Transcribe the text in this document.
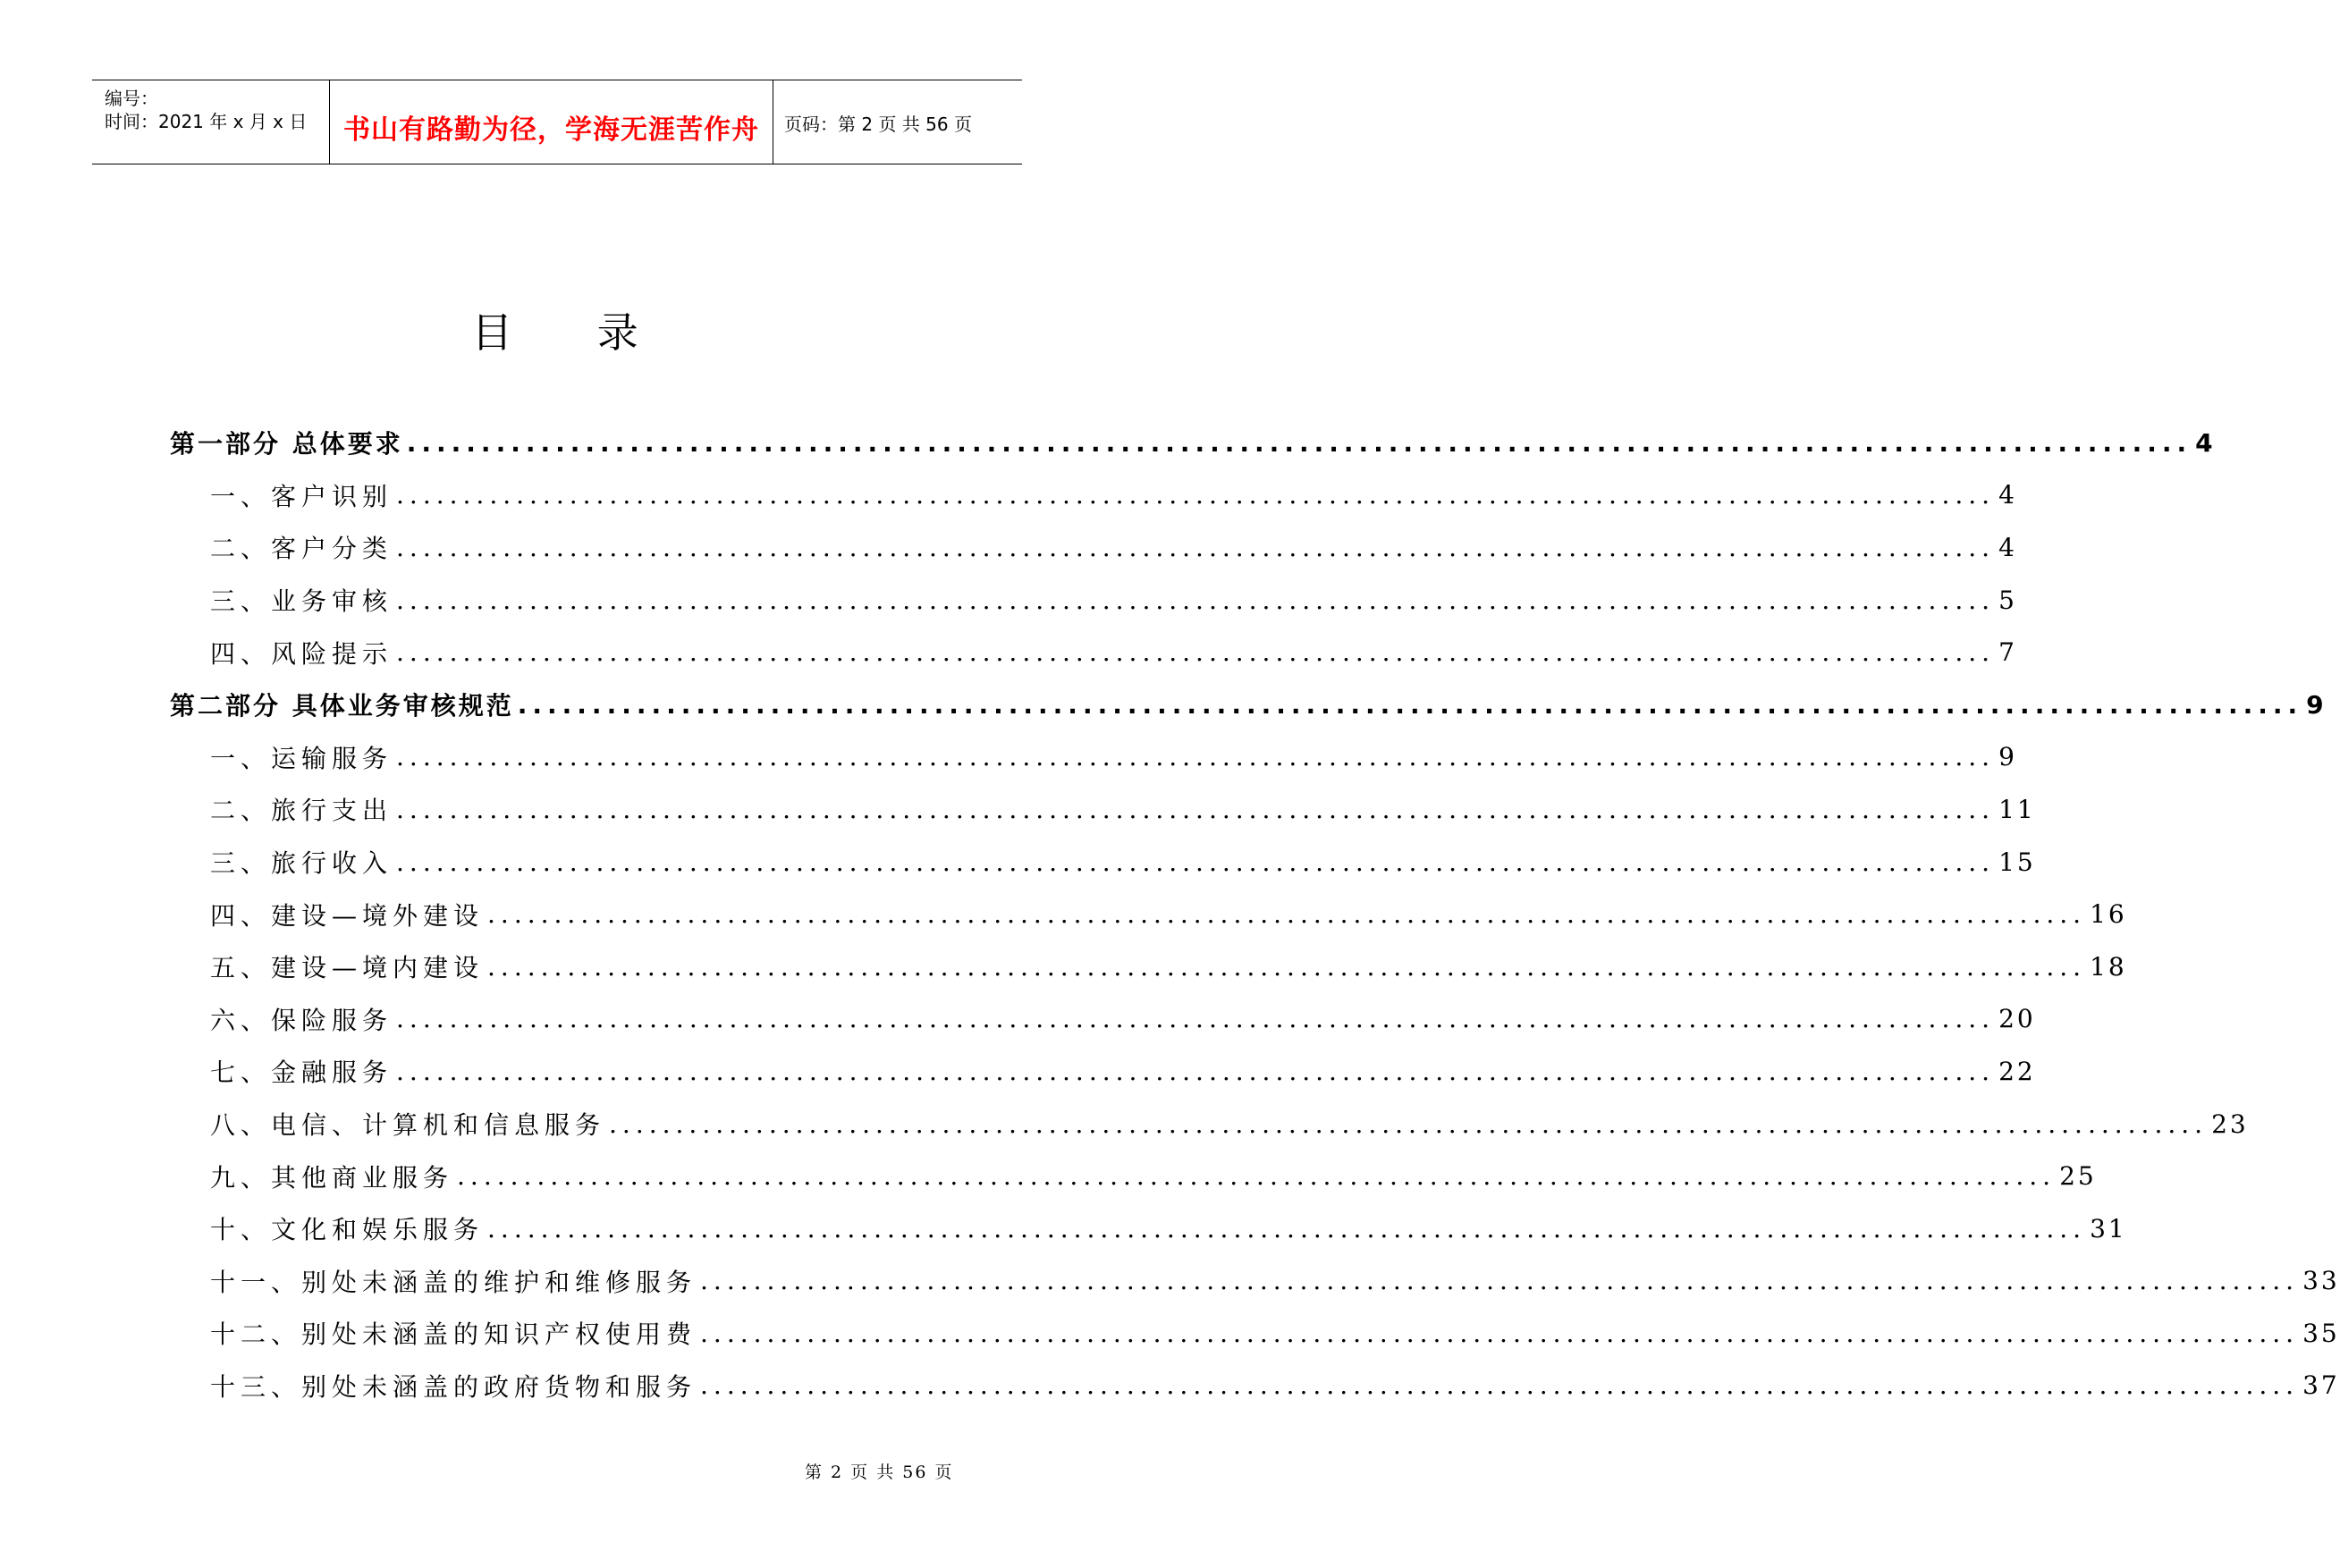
编号：
时间：2021 年 x 月 x 日	书山有路勤为径，学海无涯苦作舟	页码：第 2 页 共 56 页
目 录
第一部分 总体要求 ........................................................................................................................ 4
一、客户识别 ........................................................................................................................ 4
二、客户分类 ........................................................................................................................ 4
三、业务审核 ........................................................................................................................ 5
四、风险提示 ........................................................................................................................ 7
第二部分 具体业务审核规范 ........................................................................................................................ 9
一、运输服务 ........................................................................................................................ 9
二、旅行支出 ........................................................................................................................ 11
三、旅行收入 ........................................................................................................................ 15
四、建设—境外建设 ........................................................................................................................ 16
五、建设—境内建设 ........................................................................................................................ 18
六、保险服务 ........................................................................................................................ 20
七、金融服务 ........................................................................................................................ 22
八、电信、计算机和信息服务 ........................................................................................................................ 23
九、其他商业服务 ........................................................................................................................ 25
十、文化和娱乐服务 ........................................................................................................................ 31
十一、别处未涵盖的维护和维修服务 ........................................................................................................................ 33
十二、别处未涵盖的知识产权使用费 ........................................................................................................................ 35
十三、别处未涵盖的政府货物和服务 ........................................................................................................................ 37
第 2 页 共 56 页
